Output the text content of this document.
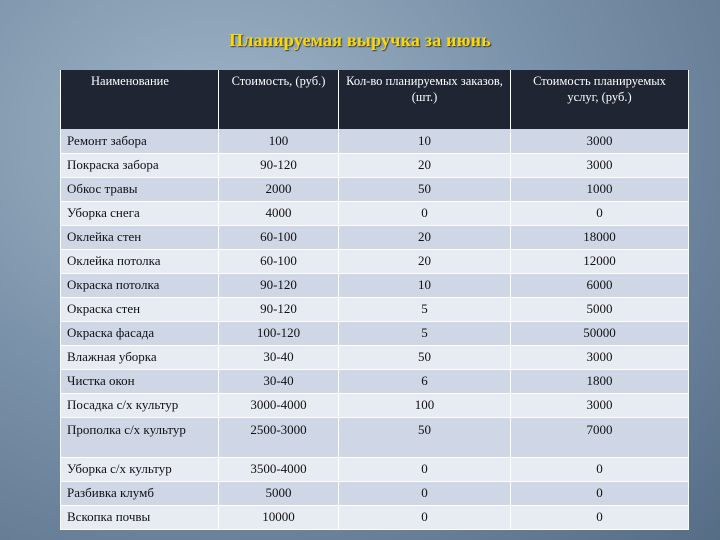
Планируемая выручка за июнь
Наименование	Стоимость, (руб.)	Кол-во планируемых заказов, (шт.)	Стоимость планируемых услуг, (руб.)
Ремонт забора	100	10	3000
Покраска забора	90-120	20	3000
Обкос травы	2000	50	1000
Уборка снега	4000	0	0
Оклейка стен	60-100	20	18000
Оклейка потолка	60-100	20	12000
Окраска потолка	90-120	10	6000
Окраска стен	90-120	5	5000
Окраска фасада	100-120	5	50000
Влажная уборка	30-40	50	3000
Чистка окон	30-40	6	1800
Посадка с/х культур	3000-4000	100	3000
Прополка с/х культур	2500-3000	50	7000
Уборка с/х культур	3500-4000	0	0
Разбивка клумб	5000	0	0
Вскопка почвы	10000	0	0
